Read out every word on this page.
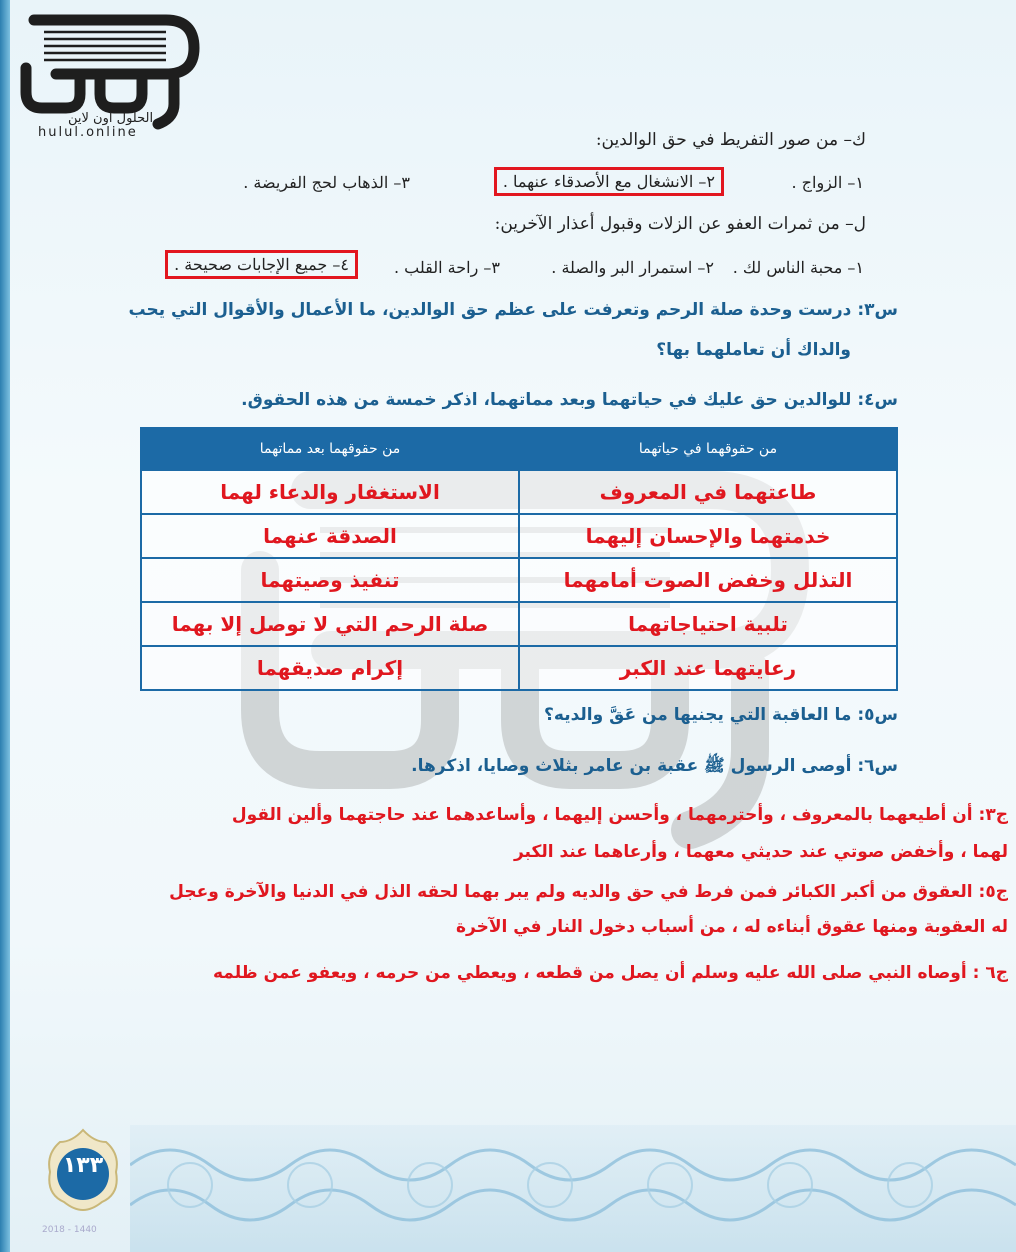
الحلول اون لاين
hulul.online	ك– من صور التفريط في حق الوالدين:
١– الزواج .
٢– الانشغال مع الأصدقاء عنهما .
٣– الذهاب لحج الفريضة .
ل– من ثمرات العفو عن الزلات وقبول أعذار الآخرين:
١– محبة الناس لك .
٢– استمرار البر والصلة .
٣– راحة القلب .
٤– جميع الإجابات صحيحة .
س٣: درست وحدة صلة الرحم وتعرفت على عظم حق الوالدين، ما الأعمال والأقوال التي يحب
والداك أن تعاملهما بها؟
س٤: للوالدين حق عليك في حياتهما وبعد مماتهما، اذكر خمسة من هذه الحقوق.
من حقوقهما في حياتهما	من حقوقهما بعد مماتهما
طاعتهما في المعروف	الاستغفار والدعاء لهما
خدمتهما والإحسان إليهما	الصدقة عنهما
التذلل وخفض الصوت أمامهما	تنفيذ وصيتهما
تلبية احتياجاتهما	صلة الرحم التي لا توصل إلا بهما
رعايتهما عند الكبر	إكرام صديقهما
س٥: ما العاقبة التي يجنيها من عَقَّ والديه؟
س٦: أوصى الرسول ﷺ عقبة بن عامر بثلاث وصايا، اذكرها.
ج٣: أن أطيعهما بالمعروف ، وأحترمهما ، وأحسن إليهما ، وأساعدهما عند حاجتهما وألين القول
لهما ، وأخفض صوتي عند حديثي معهما ، وأرعاهما عند الكبر
ج٥: العقوق من أكبر الكبائر فمن فرط في حق والديه ولم يبر بهما لحقه الذل في الدنيا والآخرة وعجل
له العقوبة ومنها عقوق أبناءه له ، من أسباب دخول النار في الآخرة
ج٦ : أوصاه النبي صلى الله عليه وسلم أن يصل من قطعه ، ويعطي من حرمه ، ويعفو عمن ظلمه
١٣٣
2018 - 1440
